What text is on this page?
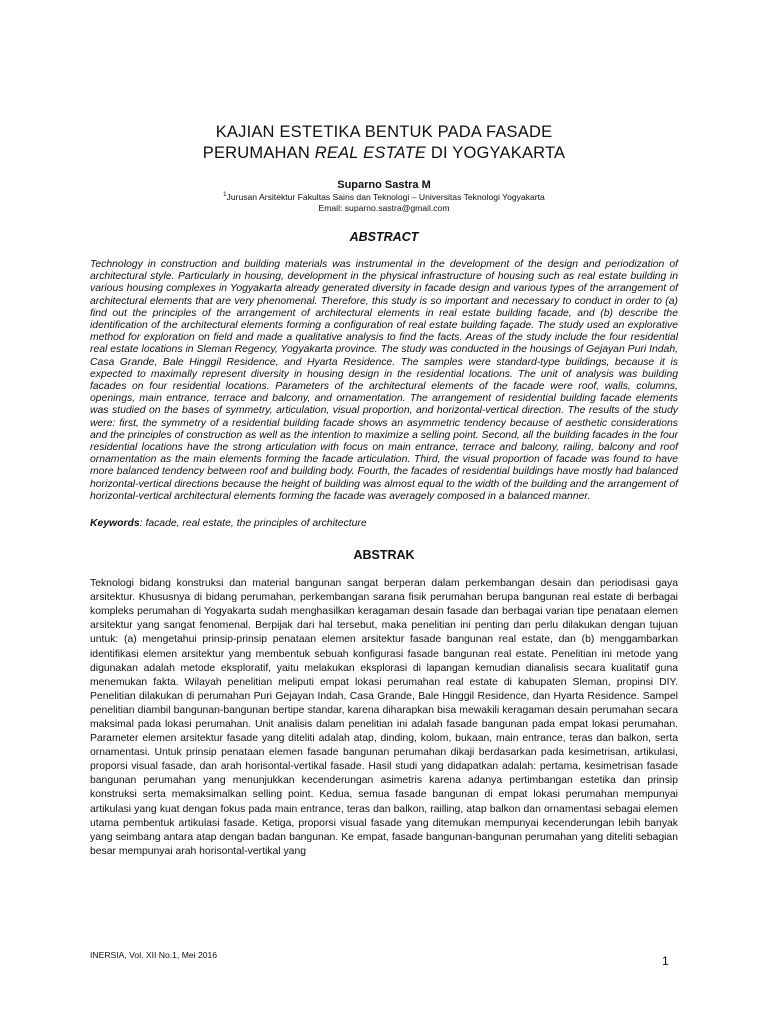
KAJIAN ESTETIKA BENTUK PADA FASADE
PERUMAHAN REAL ESTATE DI YOGYAKARTA
Suparno Sastra M
$^1$Jurusan Arsitektur Fakultas Sains dan Teknologi – Universitas Teknologi Yogyakarta
Email: suparno.sastra@gmail.com
ABSTRACT
Technology in construction and building materials was instrumental in the development of the design and periodization of architectural style. Particularly in housing, development in the physical infrastructure of housing such as real estate building in various housing complexes in Yogyakarta already generated diversity in facade design and various types of the arrangement of architectural elements that are very phenomenal. Therefore, this study is so important and necessary to conduct in order to (a) find out the principles of the arrangement of architectural elements in real estate building facade, and (b) describe the identification of the architectural elements forming a configuration of real estate building façade. The study used an explorative method for exploration on field and made a qualitative analysis to find the facts. Areas of the study include the four residential real estate locations in Sleman Regency, Yogyakarta province. The study was conducted in the housings of Gejayan Puri Indah, Casa Grande, Bale Hinggil Residence, and Hyarta Residence. The samples were standard-type buildings, because it is expected to maximally represent diversity in housing design in the residential locations. The unit of analysis was building facades on four residential locations. Parameters of the architectural elements of the facade were roof, walls, columns, openings, main entrance, terrace and balcony, and ornamentation. The arrangement of residential building facade elements was studied on the bases of symmetry, articulation, visual proportion, and horizontal-vertical direction. The results of the study were: first, the symmetry of a residential building facade shows an asymmetric tendency because of aesthetic considerations and the principles of construction as well as the intention to maximize a selling point. Second, all the building facades in the four residential locations have the strong articulation with focus on main entrance, terrace and balcony, railing, balcony and roof ornamentation as the main elements forming the facade articulation. Third, the visual proportion of facade was found to have more balanced tendency between roof and building body. Fourth, the facades of residential buildings have mostly had balanced horizontal-vertical directions because the height of building was almost equal to the width of the building and the arrangement of horizontal-vertical architectural elements forming the facade was averagely composed in a balanced manner.
Keywords: facade, real estate, the principles of architecture
ABSTRAK
Teknologi bidang konstruksi dan material bangunan sangat berperan dalam perkembangan desain dan periodisasi gaya arsitektur. Khususnya di bidang perumahan, perkembangan sarana fisik perumahan berupa bangunan real estate di berbagai kompleks perumahan di Yogyakarta sudah menghasilkan keragaman desain fasade dan berbagai varian tipe penataan elemen arsitektur yang sangat fenomenal. Berpijak dari hal tersebut, maka penelitian ini penting dan perlu dilakukan dengan tujuan untuk: (a) mengetahui prinsip-prinsip penataan elemen arsitektur fasade bangunan real estate, dan (b) menggambarkan identifikasi elemen arsitektur yang membentuk sebuah konfigurasi fasade bangunan real estate. Penelitian ini metode yang digunakan adalah metode eksploratif, yaitu melakukan eksplorasi di lapangan kemudian dianalisis secara kualitatif guna menemukan fakta. Wilayah penelitian meliputi empat lokasi perumahan real estate di kabupaten Sleman, propinsi DIY. Penelitian dilakukan di perumahan Puri Gejayan Indah, Casa Grande, Bale Hinggil Residence, dan Hyarta Residence. Sampel penelitian diambil bangunan-bangunan bertipe standar, karena diharapkan bisa mewakili keragaman desain perumahan secara maksimal pada lokasi perumahan. Unit analisis dalam penelitian ini adalah fasade bangunan pada empat lokasi perumahan. Parameter elemen arsitektur fasade yang diteliti adalah atap, dinding, kolom, bukaan, main entrance, teras dan balkon, serta ornamentasi. Untuk prinsip penataan elemen fasade bangunan perumahan dikaji berdasarkan pada kesimetrisan, artikulasi, proporsi visual fasade, dan arah horisontal-vertikal fasade. Hasil studi yang didapatkan adalah: pertama, kesimetrisan fasade bangunan perumahan yang menunjukkan kecenderungan asimetris karena adanya pertimbangan estetika dan prinsip konstruksi serta memaksimalkan selling point. Kedua, semua fasade bangunan di empat lokasi perumahan mempunyai artikulasi yang kuat dengan fokus pada main entrance, teras dan balkon, railling, atap balkon dan ornamentasi sebagai elemen utama pembentuk artikulasi fasade. Ketiga, proporsi visual fasade yang ditemukan mempunyai kecenderungan lebih banyak yang seimbang antara atap dengan badan bangunan. Ke empat, fasade bangunan-bangunan perumahan yang diteliti sebagian besar mempunyai arah horisontal-vertikal yang
INERSIA, Vol. XII No.1, Mei 2016	1
